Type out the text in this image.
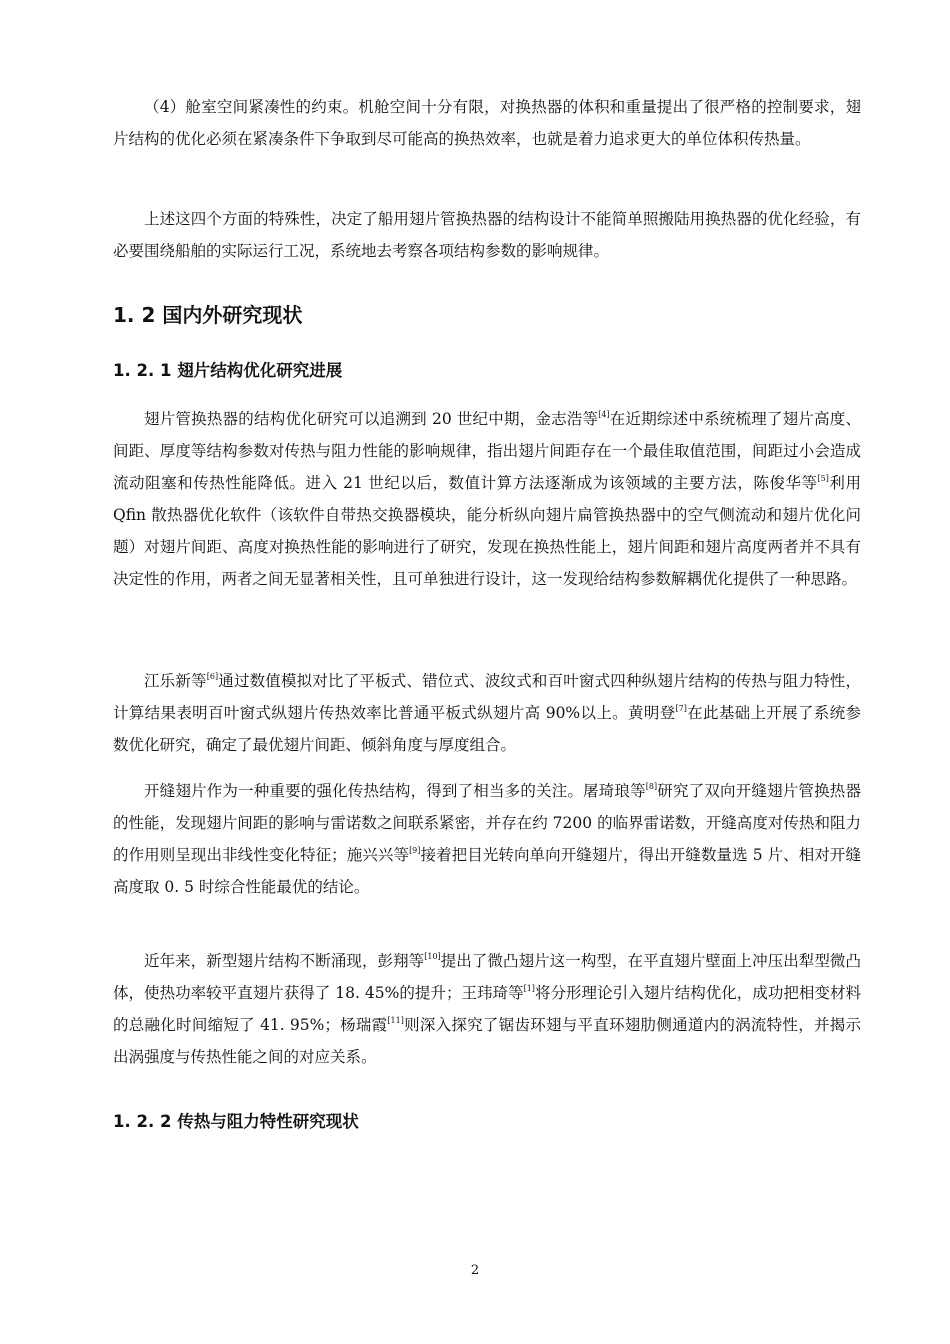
（4）舱室空间紧凑性的约束。机舱空间十分有限，对换热器的体积和重量提出了很严格的控制要求，翅片结构的优化必须在紧凑条件下争取到尽可能高的换热效率，也就是着力追求更大的单位体积传热量。

上述这四个方面的特殊性，决定了船用翅片管换热器的结构设计不能简单照搬陆用换热器的优化经验，有必要围绕船舶的实际运行工况，系统地去考察各项结构参数的影响规律。

1. 2 国内外研究现状
1. 2. 1 翅片结构优化研究进展

翅片管换热器的结构优化研究可以追溯到 20 世纪中期，金志浩等[4]在近期综述中系统梳理了翅片高度、间距、厚度等结构参数对传热与阻力性能的影响规律，指出翅片间距存在一个最佳取值范围，间距过小会造成流动阻塞和传热性能降低。进入 21 世纪以后，数值计算方法逐渐成为该领域的主要方法，陈俊华等[5]利用 Qfin 散热器优化软件（该软件自带热交换器模块，能分析纵向翅片扁管换热器中的空气侧流动和翅片优化问题）对翅片间距、高度对换热性能的影响进行了研究，发现在换热性能上，翅片间距和翅片高度两者并不具有决定性的作用，两者之间无显著相关性，且可单独进行设计，这一发现给结构参数解耦优化提供了一种思路。

江乐新等[6]通过数值模拟对比了平板式、错位式、波纹式和百叶窗式四种纵翅片结构的传热与阻力特性，计算结果表明百叶窗式纵翅片传热效率比普通平板式纵翅片高 90%以上。黄明登[7]在此基础上开展了系统参数优化研究，确定了最优翅片间距、倾斜角度与厚度组合。

开缝翅片作为一种重要的强化传热结构，得到了相当多的关注。屠琦琅等[8]研究了双向开缝翅片管换热器的性能，发现翅片间距的影响与雷诺数之间联系紧密，并存在约 7200 的临界雷诺数，开缝高度对传热和阻力的作用则呈现出非线性变化特征；施兴兴等[9]接着把目光转向单向开缝翅片，得出开缝数量选 5 片、相对开缝高度取 0. 5 时综合性能最优的结论。

近年来，新型翅片结构不断涌现，彭翔等[10]提出了微凸翅片这一构型，在平直翅片壁面上冲压出犁型微凸体，使热功率较平直翅片获得了 18. 45%的提升；王玮琦等[1]将分形理论引入翅片结构优化，成功把相变材料的总融化时间缩短了 41. 95%；杨瑞霞[11]则深入探究了锯齿环翅与平直环翅肋侧通道内的涡流特性，并揭示出涡强度与传热性能之间的对应关系。

1. 2. 2 传热与阻力特性研究现状
2
